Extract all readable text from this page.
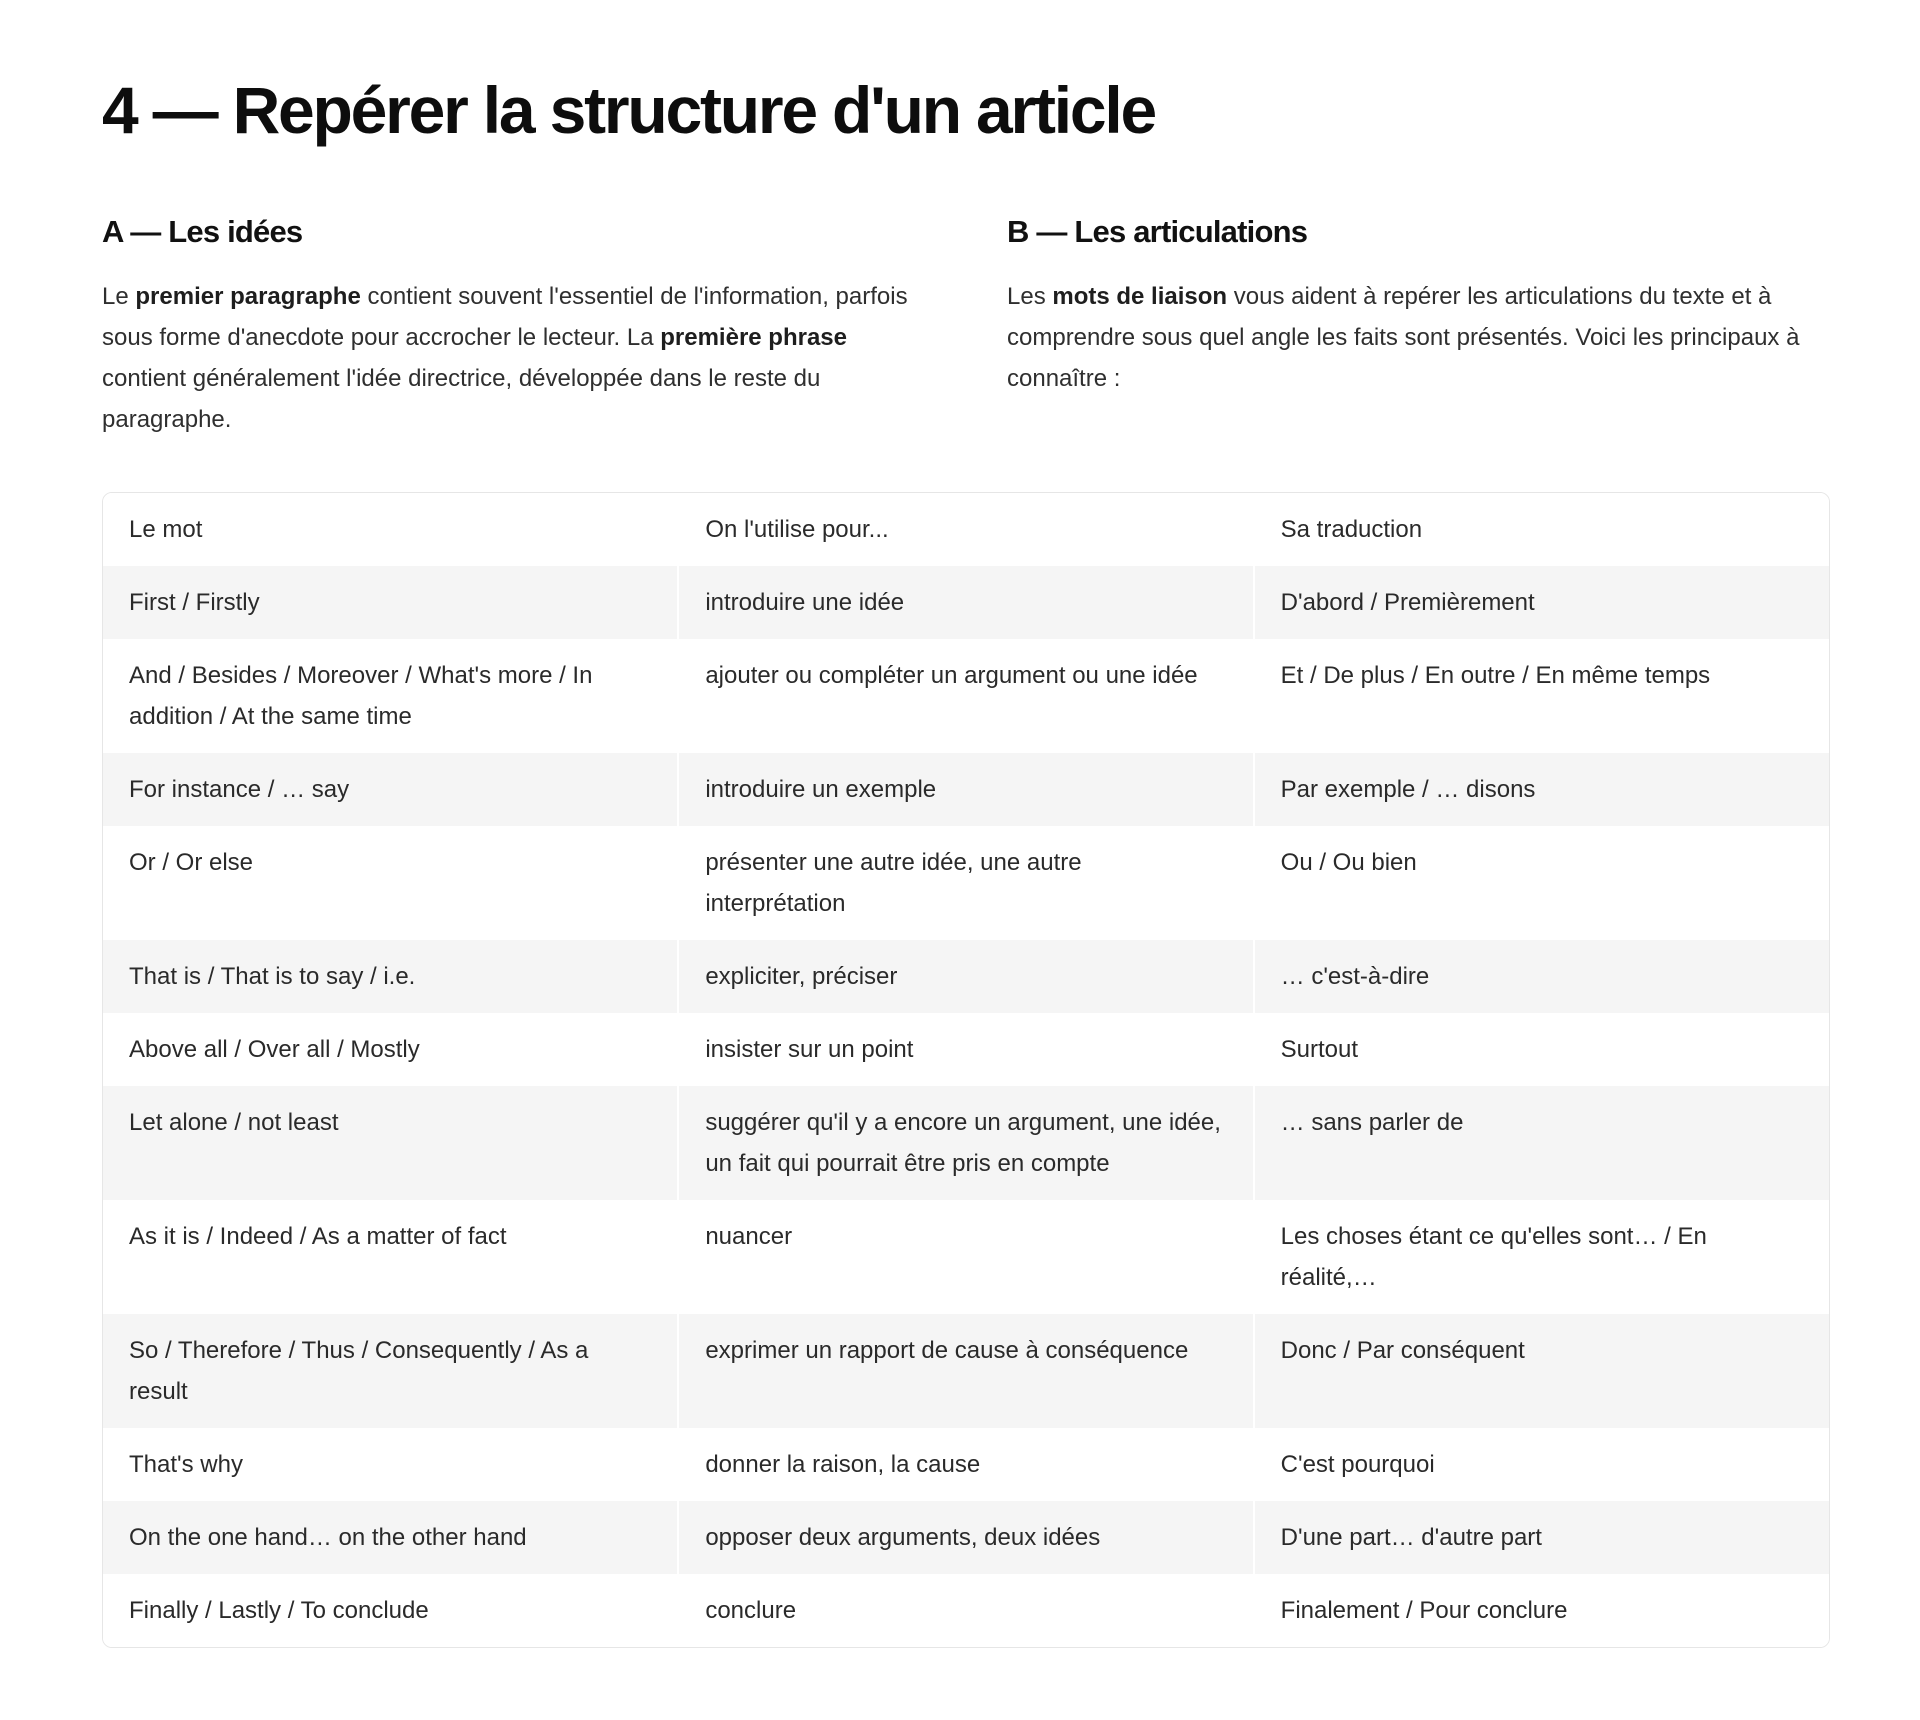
4 — Repérer la structure d'un article
A — Les idées

Le premier paragraphe contient souvent l'essentiel de l'information, parfois sous forme d'anecdote pour accrocher le lecteur. La première phrase contient généralement l'idée directrice, développée dans le reste du paragraphe.

B — Les articulations

Les mots de liaison vous aident à repérer les articulations du texte et à comprendre sous quel angle les faits sont présentés. Voici les principaux à connaître :

Le mot	On l'utilise pour...	Sa traduction
First / Firstly	introduire une idée	D'abord / Premièrement
And / Besides / Moreover / What's more / In addition / At the same time	ajouter ou compléter un argument ou une idée	Et / De plus / En outre / En même temps
For instance / … say	introduire un exemple	Par exemple / … disons
Or / Or else	présenter une autre idée, une autre interprétation	Ou / Ou bien
That is / That is to say / i.e.	expliciter, préciser	… c'est-à-dire
Above all / Over all / Mostly	insister sur un point	Surtout
Let alone / not least	suggérer qu'il y a encore un argument, une idée, un fait qui pourrait être pris en compte	… sans parler de
As it is / Indeed / As a matter of fact	nuancer	Les choses étant ce qu'elles sont… / En réalité,…
So / Therefore / Thus / Consequently / As a result	exprimer un rapport de cause à conséquence	Donc / Par conséquent
That's why	donner la raison, la cause	C'est pourquoi
On the one hand… on the other hand	opposer deux arguments, deux idées	D'une part… d'autre part
Finally / Lastly / To conclude	conclure	Finalement / Pour conclure
